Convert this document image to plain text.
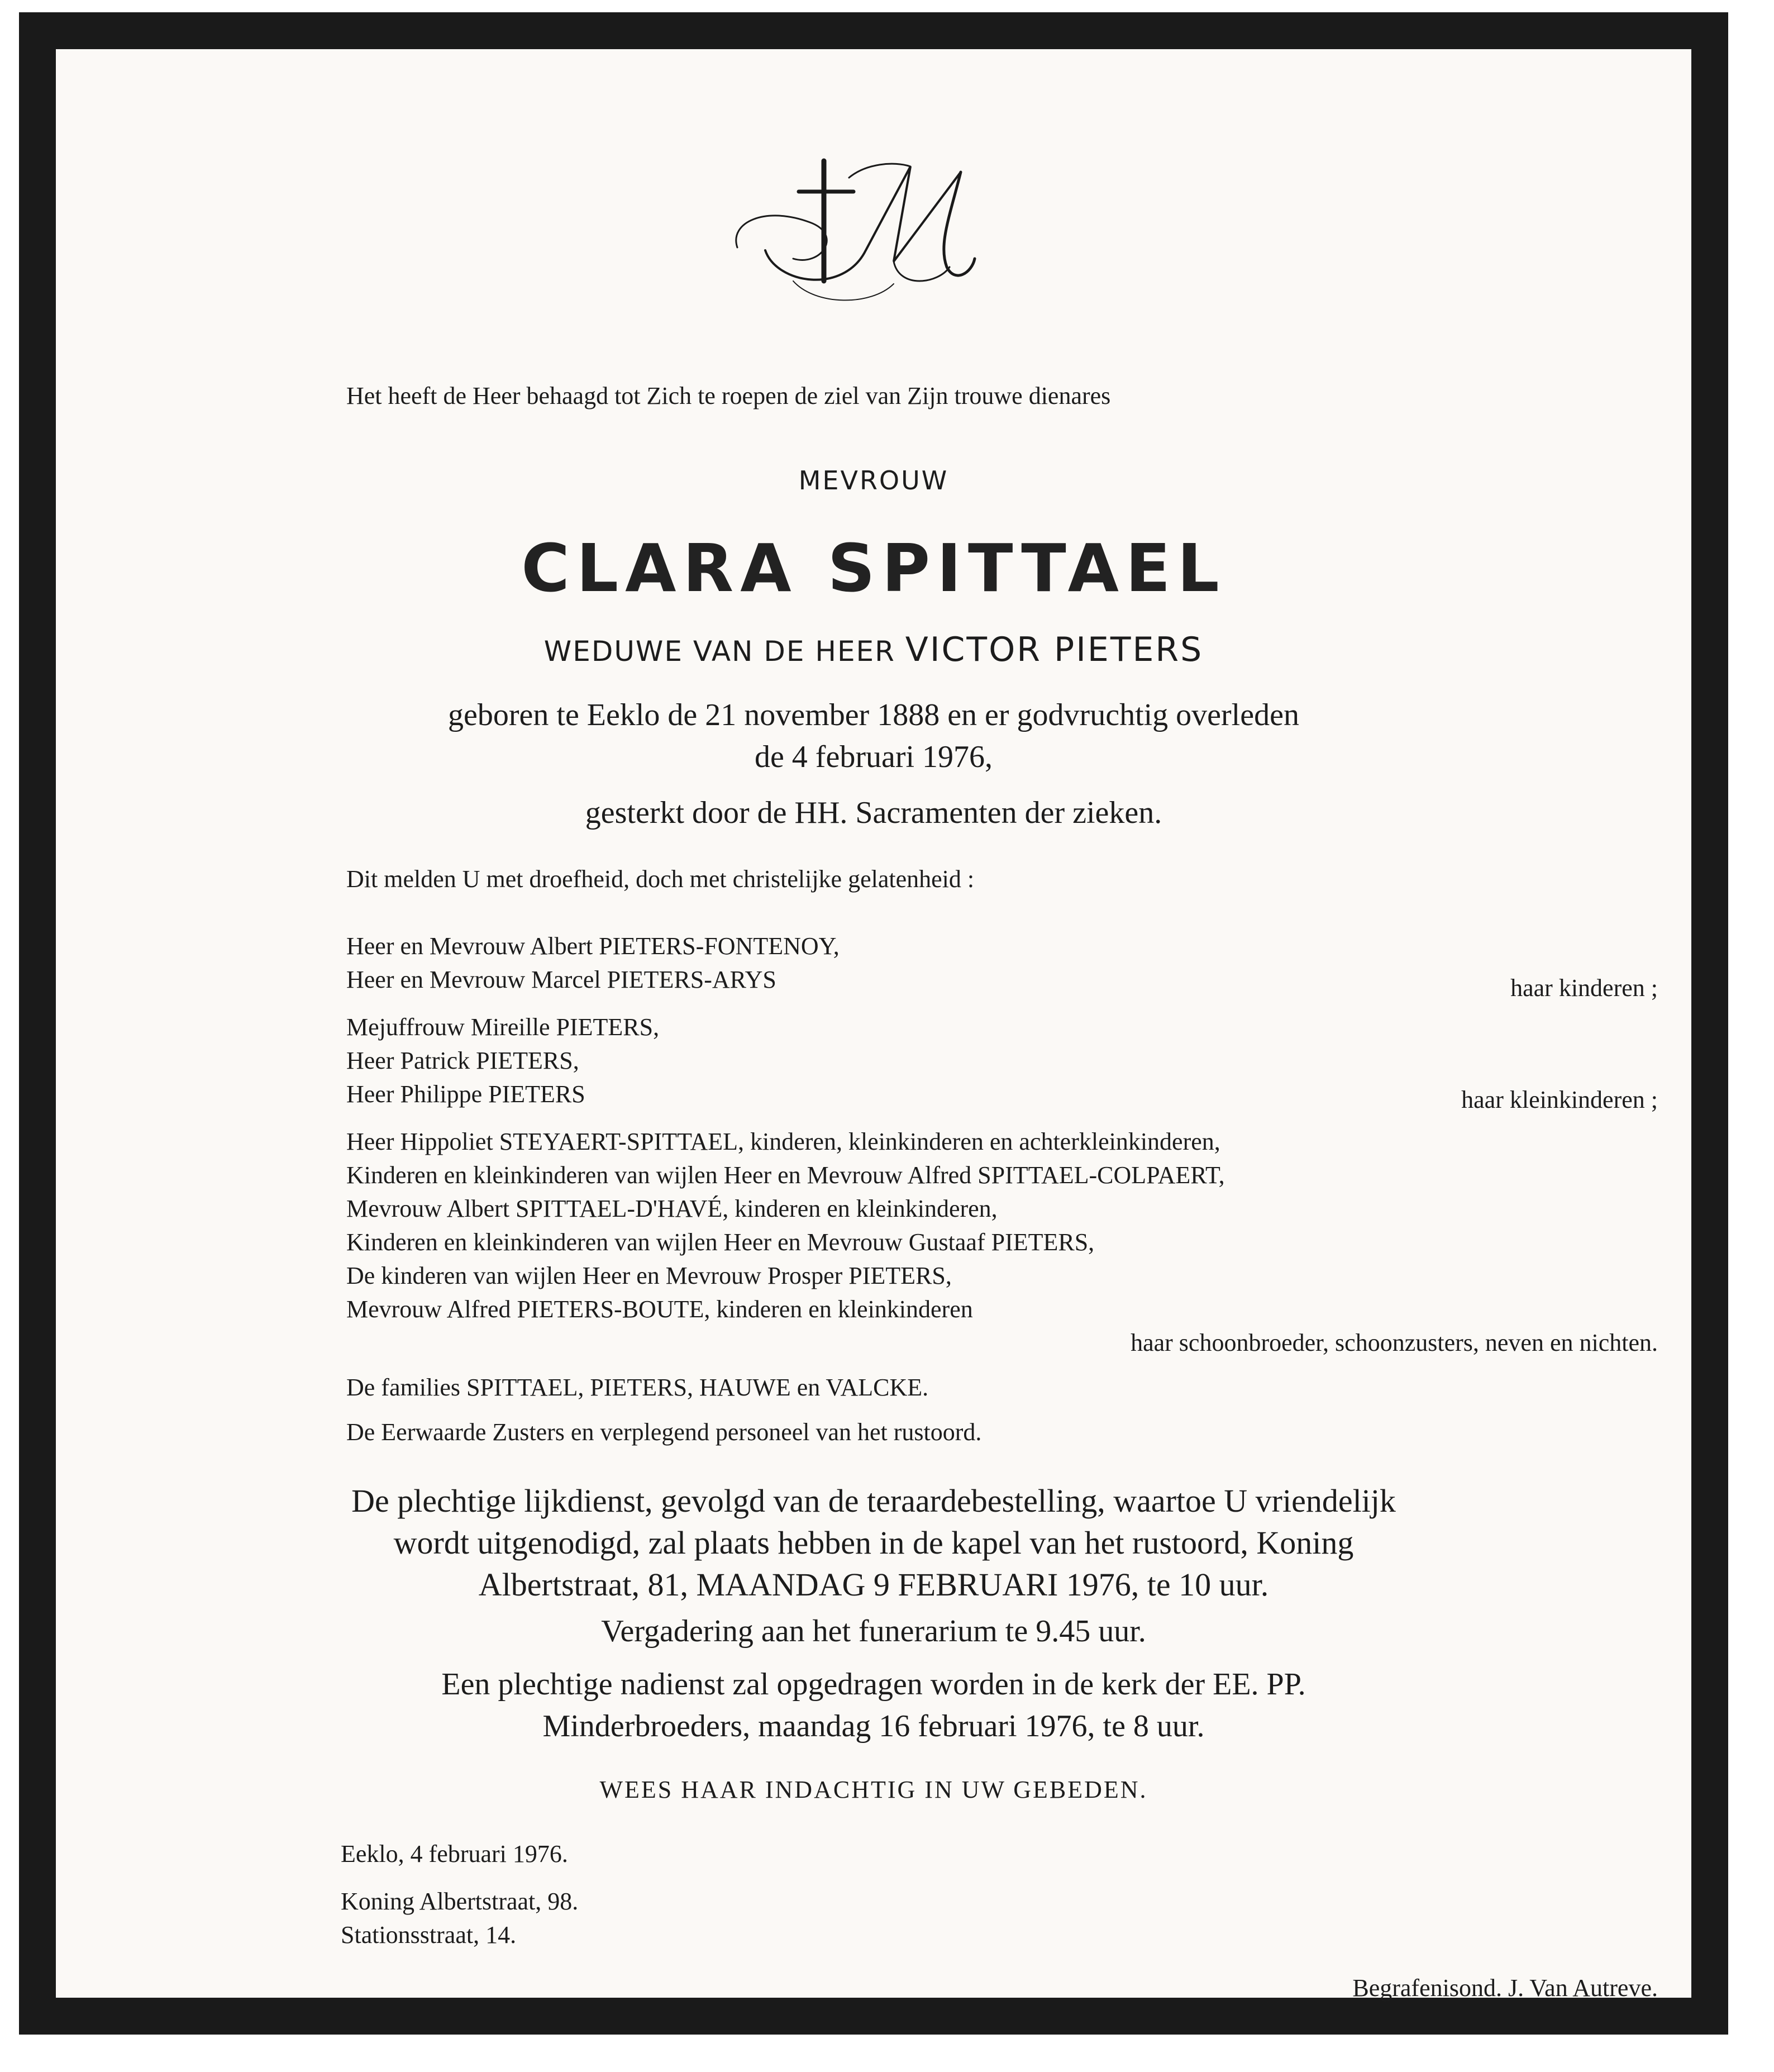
Het heeft de Heer behaagd tot Zich te roepen de ziel van Zijn trouwe dienares
MEVROUW
CLARA SPITTAEL
WEDUWE VAN DE HEER VICTOR PIETERS
geboren te Eeklo de 21 november 1888 en er godvruchtig overleden
de 4 februari 1976,
gesterkt door de HH. Sacramenten der zieken.
Dit melden U met droefheid, doch met christelijke gelatenheid :
Heer en Mevrouw Albert PIETERS-FONTENOY,
Heer en Mevrouw Marcel PIETERS-ARYS	haar kinderen ;
Mejuffrouw Mireille PIETERS,
Heer Patrick PIETERS,
Heer Philippe PIETERS	haar kleinkinderen ;
Heer Hippoliet STEYAERT-SPITTAEL, kinderen, kleinkinderen en achterkleinkinderen,
Kinderen en kleinkinderen van wijlen Heer en Mevrouw Alfred SPITTAEL-COLPAERT,
Mevrouw Albert SPITTAEL-D'HAVÉ, kinderen en kleinkinderen,
Kinderen en kleinkinderen van wijlen Heer en Mevrouw Gustaaf PIETERS,
De kinderen van wijlen Heer en Mevrouw Prosper PIETERS,
Mevrouw Alfred PIETERS-BOUTE, kinderen en kleinkinderen
haar schoonbroeder, schoonzusters, neven en nichten.
De families SPITTAEL, PIETERS, HAUWE en VALCKE.
De Eerwaarde Zusters en verplegend personeel van het rustoord.
De plechtige lijkdienst, gevolgd van de teraardebestelling, waartoe U vriendelijk
wordt uitgenodigd, zal plaats hebben in de kapel van het rustoord, Koning
Albertstraat, 81, MAANDAG 9 FEBRUARI 1976, te 10 uur.
Vergadering aan het funerarium te 9.45 uur.
Een plechtige nadienst zal opgedragen worden in de kerk der EE. PP.
Minderbroeders, maandag 16 februari 1976, te 8 uur.
WEES HAAR INDACHTIG IN UW GEBEDEN.
Eeklo, 4 februari 1976.
Koning Albertstraat, 98.
Stationsstraat, 14.
Begrafenisond. J. Van Autreve.
